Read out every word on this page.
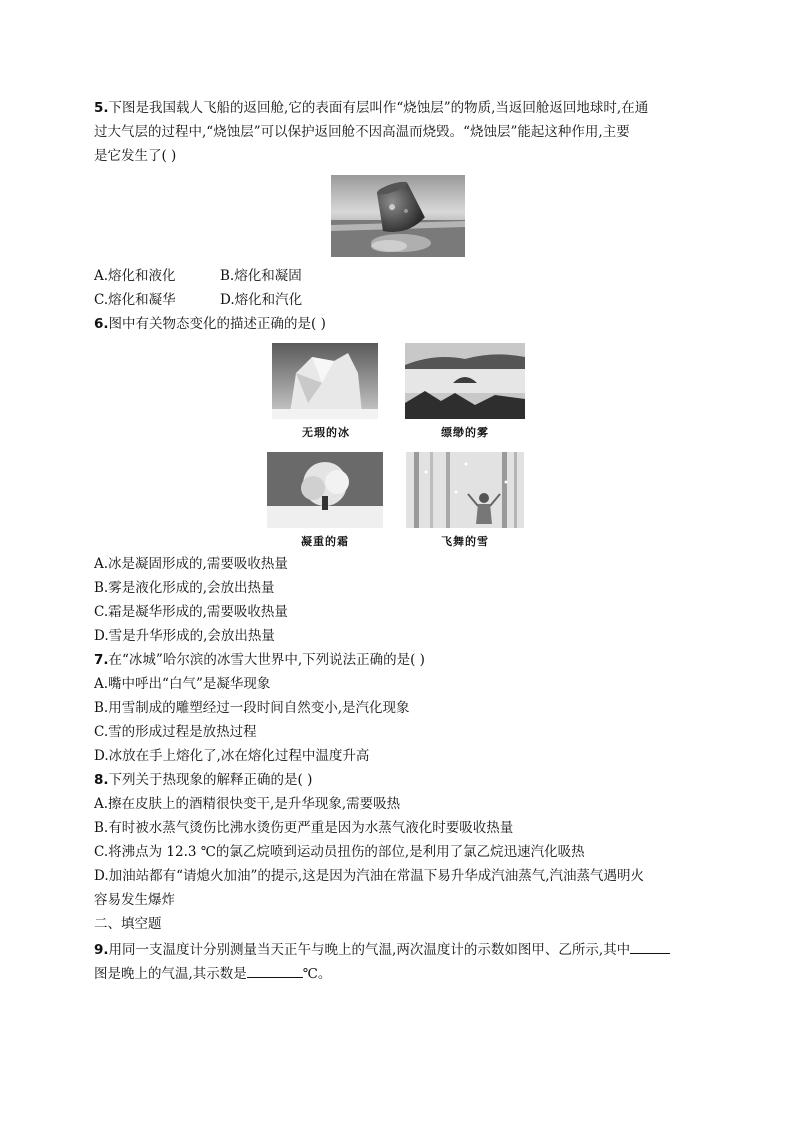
5.下图是我国载人飞船的返回舱,它的表面有层叫作“烧蚀层”的物质,当返回舱返回地球时,在通
过大气层的过程中,“烧蚀层”可以保护返回舱不因高温而烧毁。“烧蚀层”能起这种作用,主要
是它发生了( )
A.熔化和液化	B.熔化和凝固
C.熔化和凝华	D.熔化和汽化
6.图中有关物态变化的描述正确的是( )
无瑕的冰	缥缈的雾
凝重的霜	飞舞的雪
A.冰是凝固形成的,需要吸收热量
B.雾是液化形成的,会放出热量
C.霜是凝华形成的,需要吸收热量
D.雪是升华形成的,会放出热量
7.在“冰城”哈尔滨的冰雪大世界中,下列说法正确的是( )
A.嘴中呼出“白气”是凝华现象
B.用雪制成的雕塑经过一段时间自然变小,是汽化现象
C.雪的形成过程是放热过程
D.冰放在手上熔化了,冰在熔化过程中温度升高
8.下列关于热现象的解释正确的是( )
A.擦在皮肤上的酒精很快变干,是升华现象,需要吸热
B.有时被水蒸气烫伤比沸水烫伤更严重是因为水蒸气液化时要吸收热量
C.将沸点为 12.3 ℃的氯乙烷喷到运动员扭伤的部位,是利用了氯乙烷迅速汽化吸热
D.加油站都有“请熄火加油”的提示,这是因为汽油在常温下易升华成汽油蒸气,汽油蒸气遇明火
容易发生爆炸
二、填空题
9.用同一支温度计分别测量当天正午与晚上的气温,两次温度计的示数如图甲、乙所示,其中
图是晚上的气温,其示数是	℃。
